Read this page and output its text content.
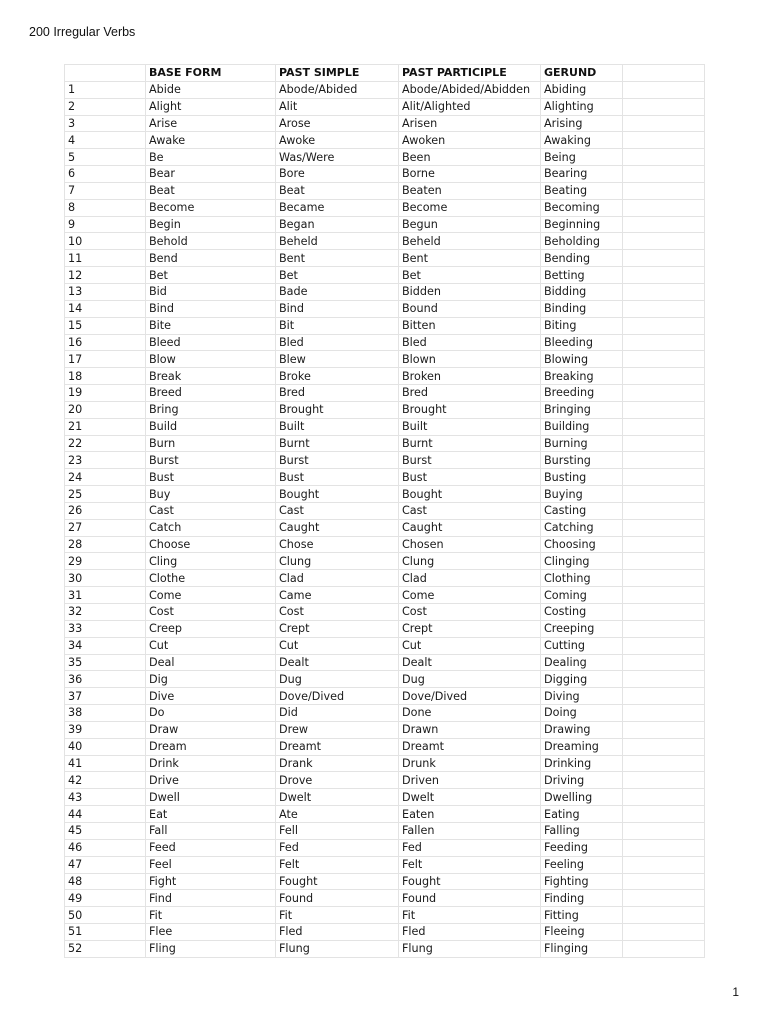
200 Irregular Verbs
	BASE FORM	PAST SIMPLE	PAST PARTICIPLE	GERUND	
1	Abide	Abode/Abided	Abode/Abided/Abidden	Abiding	
2	Alight	Alit	Alit/Alighted	Alighting	
3	Arise	Arose	Arisen	Arising	
4	Awake	Awoke	Awoken	Awaking	
5	Be	Was/Were	Been	Being	
6	Bear	Bore	Borne	Bearing	
7	Beat	Beat	Beaten	Beating	
8	Become	Became	Become	Becoming	
9	Begin	Began	Begun	Beginning	
10	Behold	Beheld	Beheld	Beholding	
11	Bend	Bent	Bent	Bending	
12	Bet	Bet	Bet	Betting	
13	Bid	Bade	Bidden	Bidding	
14	Bind	Bind	Bound	Binding	
15	Bite	Bit	Bitten	Biting	
16	Bleed	Bled	Bled	Bleeding	
17	Blow	Blew	Blown	Blowing	
18	Break	Broke	Broken	Breaking	
19	Breed	Bred	Bred	Breeding	
20	Bring	Brought	Brought	Bringing	
21	Build	Built	Built	Building	
22	Burn	Burnt	Burnt	Burning	
23	Burst	Burst	Burst	Bursting	
24	Bust	Bust	Bust	Busting	
25	Buy	Bought	Bought	Buying	
26	Cast	Cast	Cast	Casting	
27	Catch	Caught	Caught	Catching	
28	Choose	Chose	Chosen	Choosing	
29	Cling	Clung	Clung	Clinging	
30	Clothe	Clad	Clad	Clothing	
31	Come	Came	Come	Coming	
32	Cost	Cost	Cost	Costing	
33	Creep	Crept	Crept	Creeping	
34	Cut	Cut	Cut	Cutting	
35	Deal	Dealt	Dealt	Dealing	
36	Dig	Dug	Dug	Digging	
37	Dive	Dove/Dived	Dove/Dived	Diving	
38	Do	Did	Done	Doing	
39	Draw	Drew	Drawn	Drawing	
40	Dream	Dreamt	Dreamt	Dreaming	
41	Drink	Drank	Drunk	Drinking	
42	Drive	Drove	Driven	Driving	
43	Dwell	Dwelt	Dwelt	Dwelling	
44	Eat	Ate	Eaten	Eating	
45	Fall	Fell	Fallen	Falling	
46	Feed	Fed	Fed	Feeding	
47	Feel	Felt	Felt	Feeling	
48	Fight	Fought	Fought	Fighting	
49	Find	Found	Found	Finding	
50	Fit	Fit	Fit	Fitting	
51	Flee	Fled	Fled	Fleeing	
52	Fling	Flung	Flung	Flinging	
1
